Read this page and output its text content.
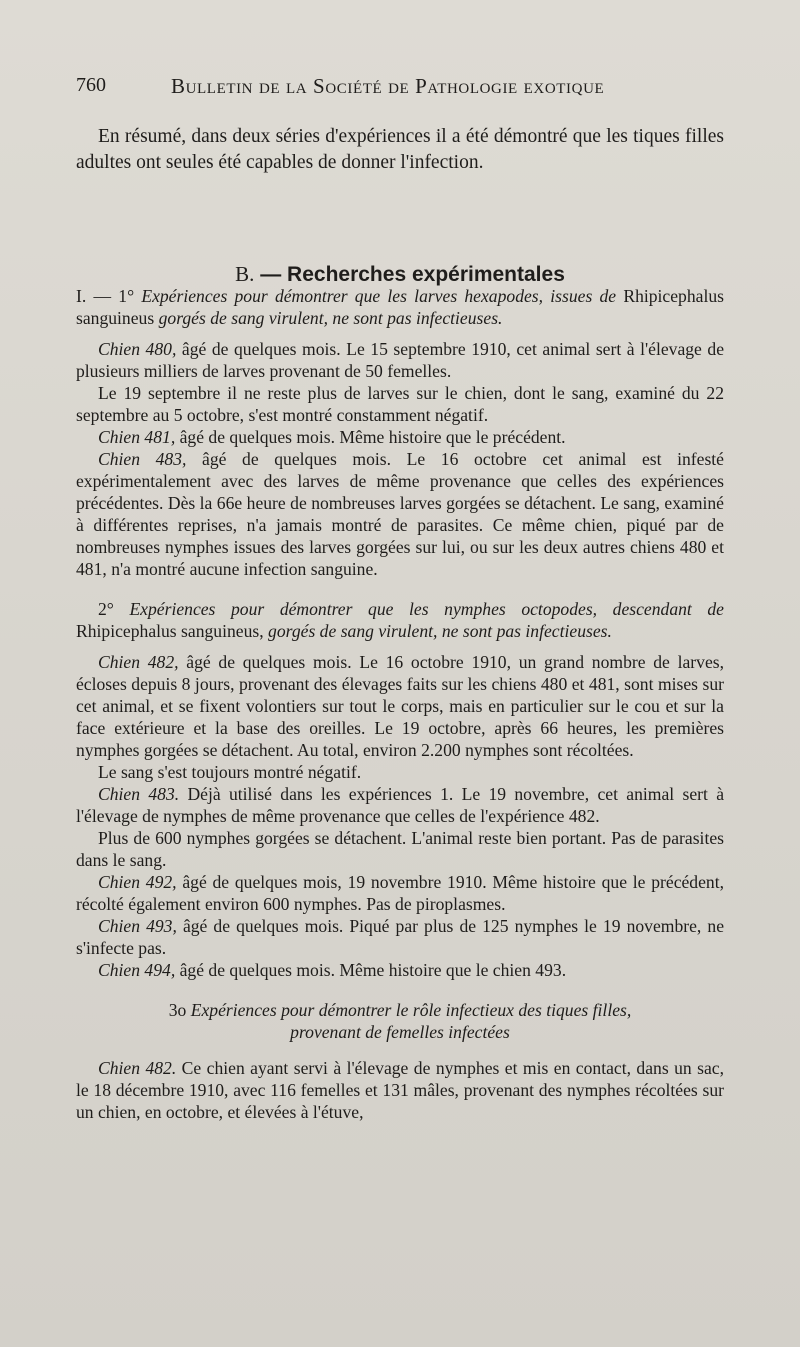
760	Bulletin de la Société de Pathologie exotique

En résumé, dans deux séries d'expériences il a été démontré que les tiques filles adultes ont seules été capables de donner l'infection.

B. — Recherches expérimentales

I. — 1° Expériences pour démontrer que les larves hexapodes, issues de Rhipicephalus sanguineus gorgés de sang virulent, ne sont pas infectieuses.

Chien 480, âgé de quelques mois. Le 15 septembre 1910, cet animal sert à l'élevage de plusieurs milliers de larves provenant de 50 femelles.

Le 19 septembre il ne reste plus de larves sur le chien, dont le sang, examiné du 22 septembre au 5 octobre, s'est montré constamment négatif.

Chien 481, âgé de quelques mois. Même histoire que le précédent.

Chien 483, âgé de quelques mois. Le 16 octobre cet animal est infesté expérimentalement avec des larves de même provenance que celles des expériences précédentes. Dès la 66e heure de nombreuses larves gorgées se détachent. Le sang, examiné à différentes reprises, n'a jamais montré de parasites. Ce même chien, piqué par de nombreuses nymphes issues des larves gorgées sur lui, ou sur les deux autres chiens 480 et 481, n'a montré aucune infection sanguine.

2° Expériences pour démontrer que les nymphes octopodes, descendant de Rhipicephalus sanguineus, gorgés de sang virulent, ne sont pas infectieuses.

Chien 482, âgé de quelques mois. Le 16 octobre 1910, un grand nombre de larves, écloses depuis 8 jours, provenant des élevages faits sur les chiens 480 et 481, sont mises sur cet animal, et se fixent volontiers sur tout le corps, mais en particulier sur le cou et sur la face extérieure et la base des oreilles. Le 19 octobre, après 66 heures, les premières nymphes gorgées se détachent. Au total, environ 2.200 nymphes sont récoltées.

Le sang s'est toujours montré négatif.

Chien 483. Déjà utilisé dans les expériences 1. Le 19 novembre, cet animal sert à l'élevage de nymphes de même provenance que celles de l'expérience 482.

Plus de 600 nymphes gorgées se détachent. L'animal reste bien portant. Pas de parasites dans le sang.

Chien 492, âgé de quelques mois, 19 novembre 1910. Même histoire que le précédent, récolté également environ 600 nymphes. Pas de piroplasmes.

Chien 493, âgé de quelques mois. Piqué par plus de 125 nymphes le 19 novembre, ne s'infecte pas.

Chien 494, âgé de quelques mois. Même histoire que le chien 493.

3o Expériences pour démontrer le rôle infectieux des tiques filles,
provenant de femelles infectées

Chien 482. Ce chien ayant servi à l'élevage de nymphes et mis en contact, dans un sac, le 18 décembre 1910, avec 116 femelles et 131 mâles, provenant des nymphes récoltées sur un chien, en octobre, et élevées à l'étuve,
